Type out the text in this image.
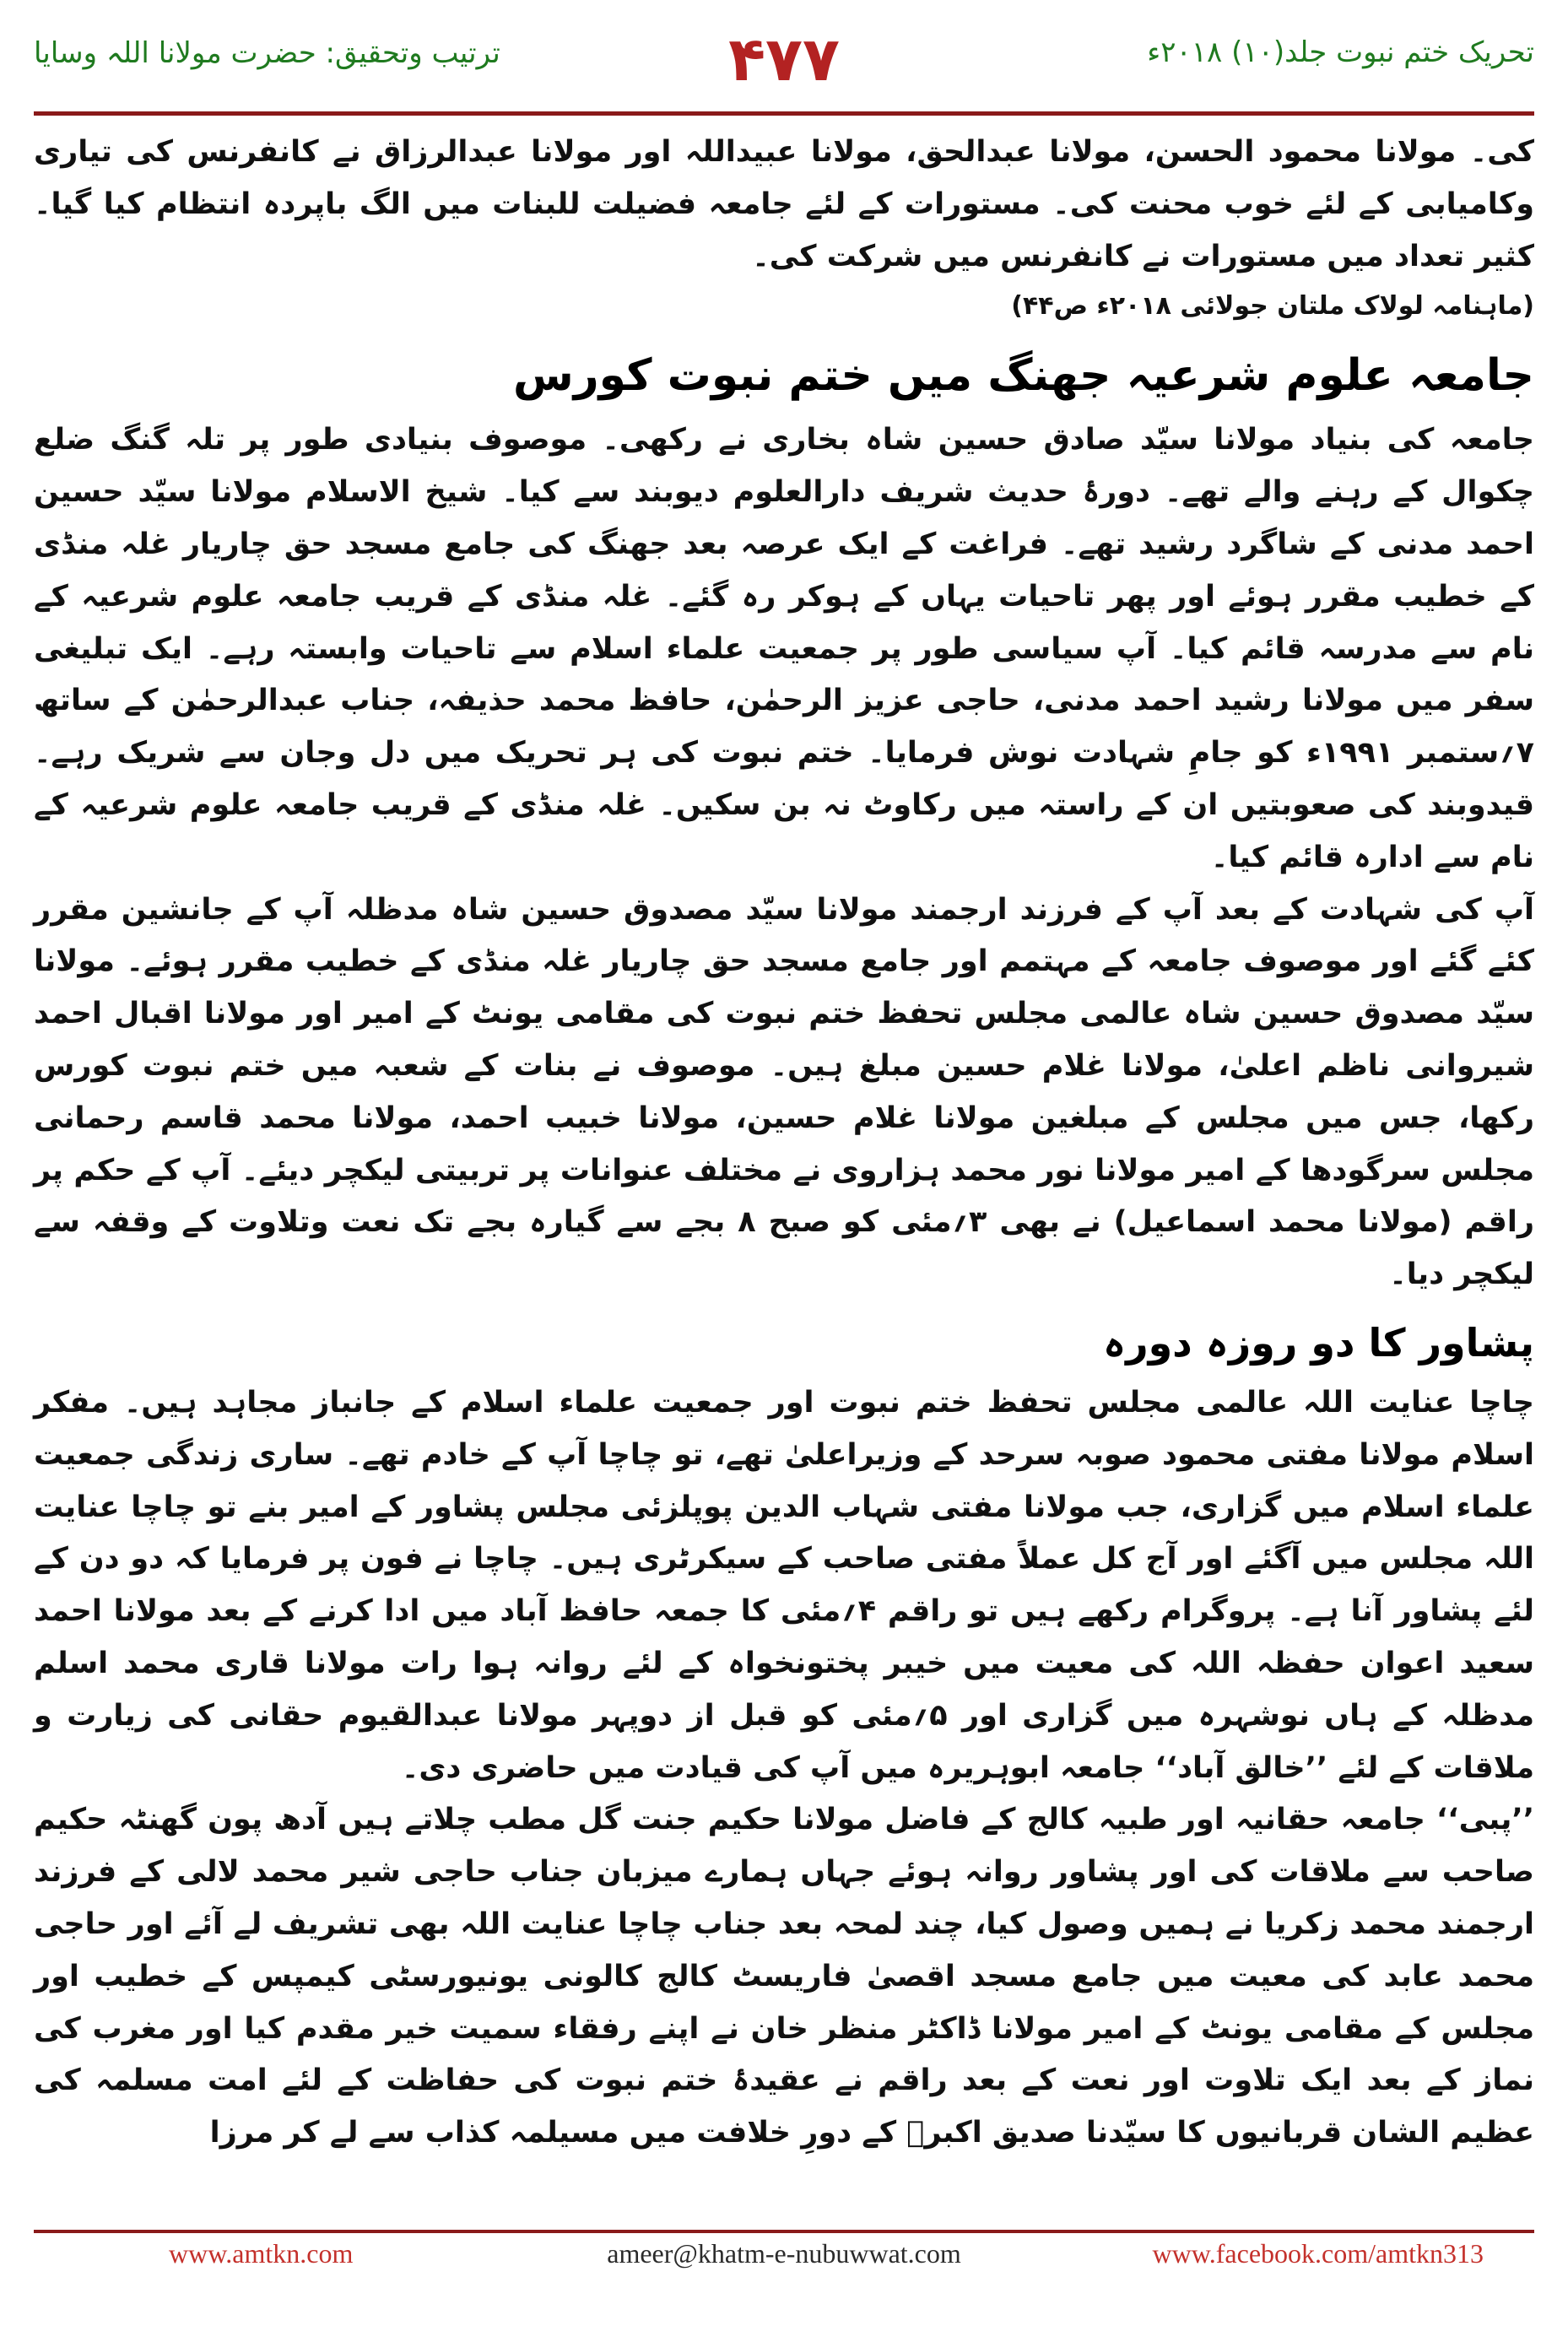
ترتیب وتحقیق: حضرت مولانا اللہ وسایا	۴۷۷	تحریک ختم نبوت جلد(۱۰) ۲۰۱۸ء

کی۔ مولانا محمود الحسن، مولانا عبدالحق، مولانا عبیداللہ اور مولانا عبدالرزاق نے کانفرنس کی تیاری وکامیابی کے لئے خوب محنت کی۔ مستورات کے لئے جامعہ فضیلت للبنات میں الگ باپردہ انتظام کیا گیا۔ کثیر تعداد میں مستورات نے کانفرنس میں شرکت کی۔

(ماہنامہ لولاک ملتان جولائی ۲۰۱۸ء ص۴۴)

جامعہ علوم شرعیہ جھنگ میں ختم نبوت کورس

جامعہ کی بنیاد مولانا سیّد صادق حسین شاہ بخاری نے رکھی۔ موصوف بنیادی طور پر تلہ گنگ ضلع چکوال کے رہنے والے تھے۔ دورۂ حدیث شریف دارالعلوم دیوبند سے کیا۔ شیخ الاسلام مولانا سیّد حسین احمد مدنی کے شاگرد رشید تھے۔ فراغت کے ایک عرصہ بعد جھنگ کی جامع مسجد حق چاریار غلہ منڈی کے خطیب مقرر ہوئے اور پھر تاحیات یہاں کے ہوکر رہ گئے۔ غلہ منڈی کے قریب جامعہ علوم شرعیہ کے نام سے مدرسہ قائم کیا۔ آپ سیاسی طور پر جمعیت علماء اسلام سے تاحیات وابستہ رہے۔ ایک تبلیغی سفر میں مولانا رشید احمد مدنی، حاجی عزیز الرحمٰن، حافظ محمد حذیفہ، جناب عبدالرحمٰن کے ساتھ ۷؍ستمبر ۱۹۹۱ء کو جامِ شہادت نوش فرمایا۔ ختم نبوت کی ہر تحریک میں دل وجان سے شریک رہے۔ قیدوبند کی صعوبتیں ان کے راستہ میں رکاوٹ نہ بن سکیں۔ غلہ منڈی کے قریب جامعہ علوم شرعیہ کے نام سے ادارہ قائم کیا۔

آپ کی شہادت کے بعد آپ کے فرزند ارجمند مولانا سیّد مصدوق حسین شاہ مدظلہ آپ کے جانشین مقرر کئے گئے اور موصوف جامعہ کے مہتمم اور جامع مسجد حق چاریار غلہ منڈی کے خطیب مقرر ہوئے۔ مولانا سیّد مصدوق حسین شاہ عالمی مجلس تحفظ ختم نبوت کی مقامی یونٹ کے امیر اور مولانا اقبال احمد شیروانی ناظم اعلیٰ، مولانا غلام حسین مبلغ ہیں۔ موصوف نے بنات کے شعبہ میں ختم نبوت کورس رکھا، جس میں مجلس کے مبلغین مولانا غلام حسین، مولانا خبیب احمد، مولانا محمد قاسم رحمانی مجلس سرگودھا کے امیر مولانا نور محمد ہزاروی نے مختلف عنوانات پر تربیتی لیکچر دیئے۔ آپ کے حکم پر راقم (مولانا محمد اسماعیل) نے بھی ۳؍مئی کو صبح ۸ بجے سے گیارہ بجے تک نعت وتلاوت کے وقفہ سے لیکچر دیا۔

پشاور کا دو روزہ دورہ

چاچا عنایت اللہ عالمی مجلس تحفظ ختم نبوت اور جمعیت علماء اسلام کے جانباز مجاہد ہیں۔ مفکر اسلام مولانا مفتی محمود صوبہ سرحد کے وزیراعلیٰ تھے، تو چاچا آپ کے خادم تھے۔ ساری زندگی جمعیت علماء اسلام میں گزاری، جب مولانا مفتی شہاب الدین پوپلزئی مجلس پشاور کے امیر بنے تو چاچا عنایت اللہ مجلس میں آگئے اور آج کل عملاً مفتی صاحب کے سیکرٹری ہیں۔ چاچا نے فون پر فرمایا کہ دو دن کے لئے پشاور آنا ہے۔ پروگرام رکھے ہیں تو راقم ۴؍مئی کا جمعہ حافظ آباد میں ادا کرنے کے بعد مولانا احمد سعید اعوان حفظہ اللہ کی معیت میں خیبر پختونخواہ کے لئے روانہ ہوا رات مولانا قاری محمد اسلم مدظلہ کے ہاں نوشہرہ میں گزاری اور ۵؍مئی کو قبل از دوپہر مولانا عبدالقیوم حقانی کی زیارت و ملاقات کے لئے ’’خالق آباد‘‘ جامعہ ابوہریرہ میں آپ کی قیادت میں حاضری دی۔

’’پبی‘‘ جامعہ حقانیہ اور طبیہ کالج کے فاضل مولانا حکیم جنت گل مطب چلاتے ہیں آدھ پون گھنٹہ حکیم صاحب سے ملاقات کی اور پشاور روانہ ہوئے جہاں ہمارے میزبان جناب حاجی شیر محمد لالی کے فرزند ارجمند محمد زکریا نے ہمیں وصول کیا، چند لمحہ بعد جناب چاچا عنایت اللہ بھی تشریف لے آئے اور حاجی محمد عابد کی معیت میں جامع مسجد اقصیٰ فاریسٹ کالج کالونی یونیورسٹی کیمپس کے خطیب اور مجلس کے مقامی یونٹ کے امیر مولانا ڈاکٹر منظر خان نے اپنے رفقاء سمیت خیر مقدم کیا اور مغرب کی نماز کے بعد ایک تلاوت اور نعت کے بعد راقم نے عقیدۂ ختم نبوت کی حفاظت کے لئے امت مسلمہ کی عظیم الشان قربانیوں کا سیّدنا صدیق اکبرؓ کے دورِ خلافت میں مسیلمہ کذاب سے لے کر مرزا

www.amtkn.com	ameer@khatm-e-nubuwwat.com	www.facebook.com/amtkn313
